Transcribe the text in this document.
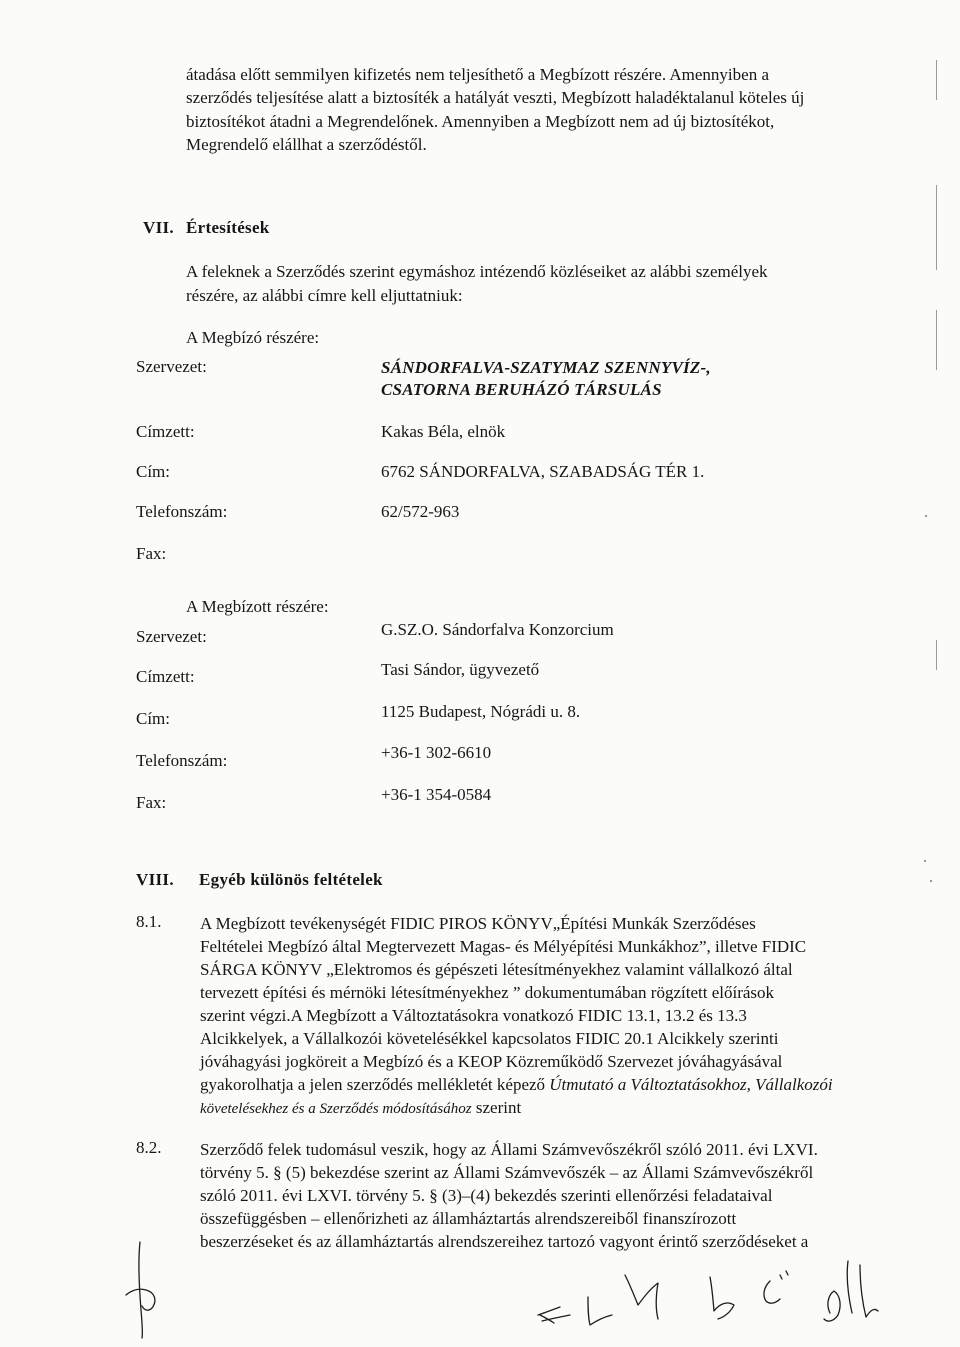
átadása előtt semmilyen kifizetés nem teljesíthető a Megbízott részére. Amennyiben a
szerződés teljesítése alatt a biztosíték a hatályát veszti, Megbízott haladéktalanul köteles új
biztosítékot átadni a Megrendelőnek. Amennyiben a Megbízott nem ad új biztosítékot,
Megrendelő elállhat a szerződéstől.
VII. Értesítések
A feleknek a Szerződés szerint egymáshoz intézendő közléseiket az alábbi személyek
részére, az alábbi címre kell eljuttatniuk:
A Megbízó részére:
Szervezet:	SÁNDORFALVA-SZATYMAZ SZENNYVÍZ-,
CSATORNA BERUHÁZÓ TÁRSULÁS
Címzett:	Kakas Béla, elnök
Cím:	6762 SÁNDORFALVA, SZABADSÁG TÉR 1.
Telefonszám:	62/572-963
Fax:
A Megbízott részére:
Szervezet:	G.SZ.O. Sándorfalva Konzorcium
Címzett:	Tasi Sándor, ügyvezető
Cím:	1125 Budapest, Nógrádi u. 8.
Telefonszám:	+36-1 302-6610
Fax:	+36-1 354-0584
VIII. Egyéb különös feltételek
8.1. A Megbízott tevékenységét FIDIC PIROS KÖNYV„Építési Munkák Szerződéses
Feltételei Megbízó által Megtervezett Magas- és Mélyépítési Munkákhoz”, illetve FIDIC
SÁRGA KÖNYV „Elektromos és gépészeti létesítményekhez valamint vállalkozó által
tervezett építési és mérnöki létesítményekhez ” dokumentumában rögzített előírások
szerint végzi.A Megbízott a Változtatásokra vonatkozó FIDIC 13.1, 13.2 és 13.3
Alcikkelyek, a Vállalkozói követelésékkel kapcsolatos FIDIC 20.1 Alcikkely szerinti
jóváhagyási jogköreit a Megbízó és a KEOP Közreműködő Szervezet jóváhagyásával
gyakorolhatja a jelen szerződés mellékletét képező Útmutató a Változtatásokhoz, Vállalkozói
követelésekhez és a Szerződés módosításához szerint
8.2. Szerződő felek tudomásul veszik, hogy az Állami Számvevőszékről szóló 2011. évi LXVI.
törvény 5. § (5) bekezdése szerint az Állami Számvevőszék – az Állami Számvevőszékről
szóló 2011. évi LXVI. törvény 5. § (3)–(4) bekezdés szerinti ellenőrzési feladataival
összefüggésben – ellenőrizheti az államháztartás alrendszereiből finanszírozott
beszerzéseket és az államháztartás alrendszereihez tartozó vagyont érintő szerződéseket a
